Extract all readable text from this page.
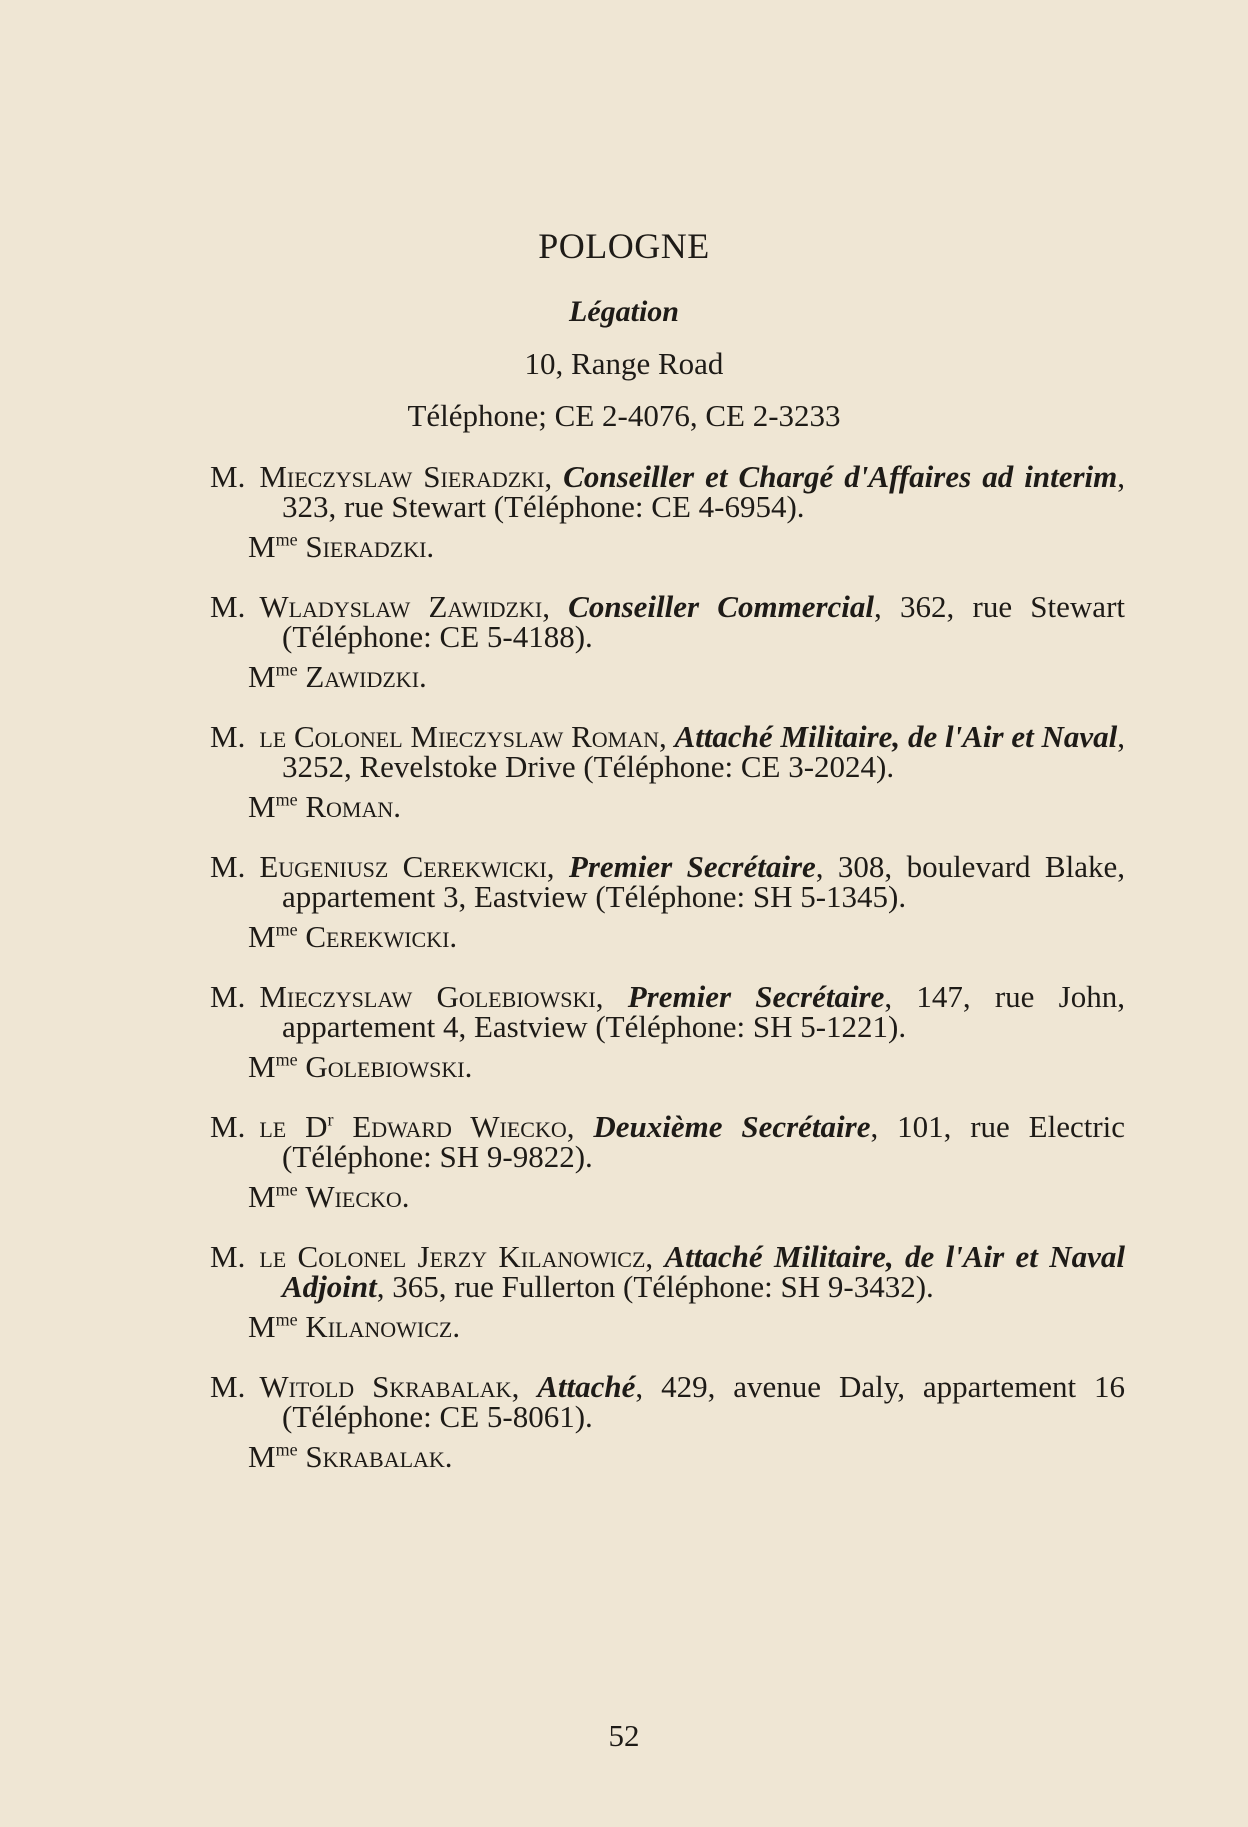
POLOGNE
Légation
10, Range Road
Téléphone; CE 2-4076, CE 2-3233
M. Mieczyslaw Sieradzki, Conseiller et Chargé d'Affaires ad interim, 323, rue Stewart (Téléphone: CE 4-6954).
$M^{me}$ Sieradzki.
M. Wladyslaw Zawidzki, Conseiller Commercial, 362, rue Stewart (Téléphone: CE 5-4188).
$M^{me}$ Zawidzki.
M. le Colonel Mieczyslaw Roman, Attaché Militaire, de l'Air et Naval, 3252, Revelstoke Drive (Téléphone: CE 3-2024).
$M^{me}$ Roman.
M. Eugeniusz Cerekwicki, Premier Secrétaire, 308, boulevard Blake, appartement 3, Eastview (Téléphone: SH 5-1345).
$M^{me}$ Cerekwicki.
M. Mieczyslaw Golebiowski, Premier Secrétaire, 147, rue John, appartement 4, Eastview (Téléphone: SH 5-1221).
$M^{me}$ Golebiowski.
M. le $D^r$ Edward Wiecko, Deuxième Secrétaire, 101, rue Electric (Téléphone: SH 9-9822).
$M^{me}$ Wiecko.
M. le Colonel Jerzy Kilanowicz, Attaché Militaire, de l'Air et Naval Adjoint, 365, rue Fullerton (Téléphone: SH 9-3432).
$M^{me}$ Kilanowicz.
M. Witold Skrabalak, Attaché, 429, avenue Daly, appartement 16 (Téléphone: CE 5-8061).
$M^{me}$ Skrabalak.
52
